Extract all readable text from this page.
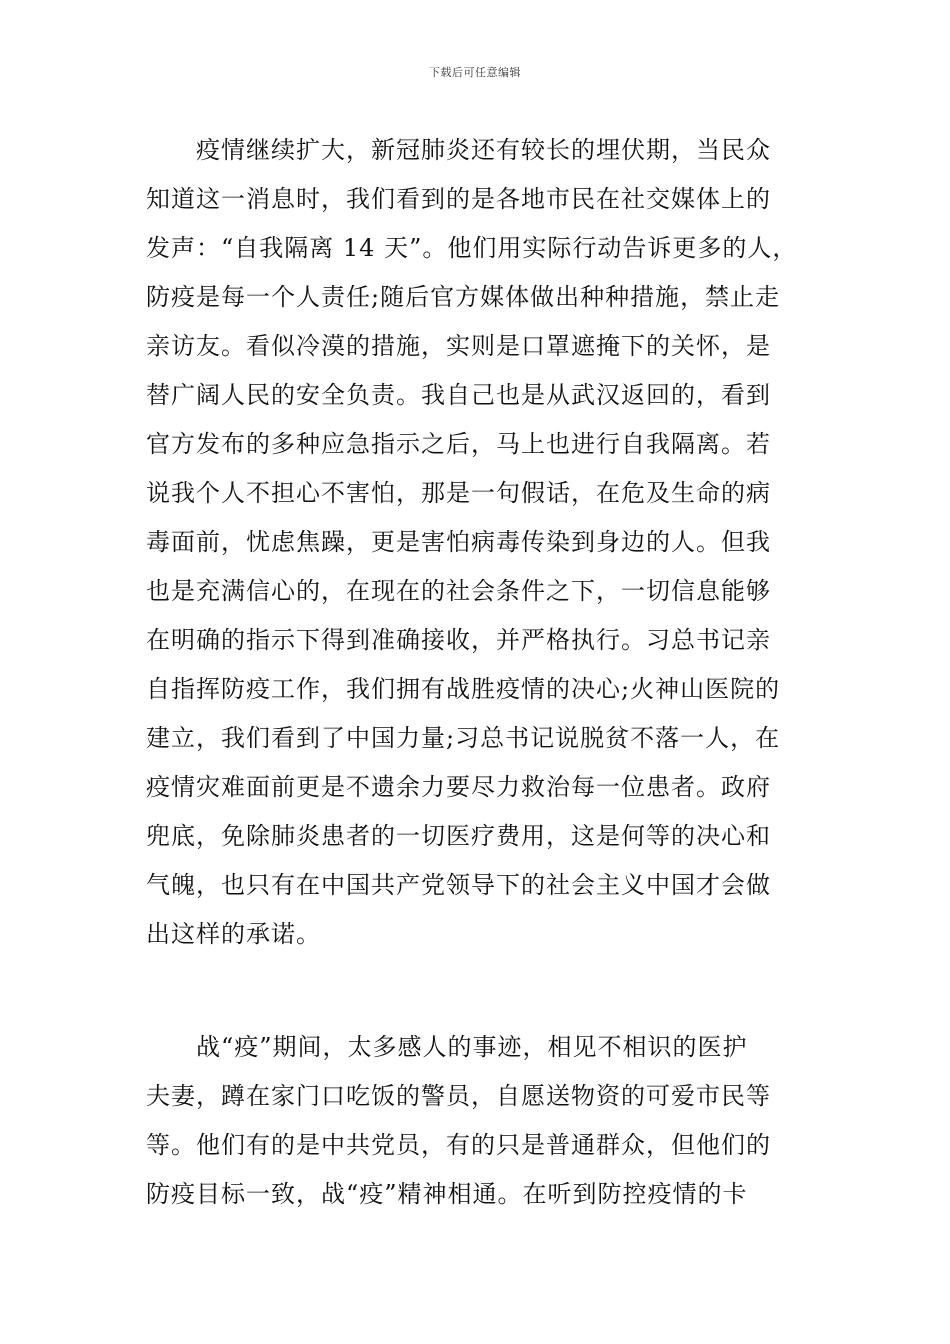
下载后可任意编辑
　　疫情继续扩大，新冠肺炎还有较长的埋伏期，当民众
知道这一消息时，我们看到的是各地市民在社交媒体上的
发声：“自我隔离 14 天”。他们用实际行动告诉更多的人，
防疫是每一个人责任;随后官方媒体做出种种措施，禁止走
亲访友。看似冷漠的措施，实则是口罩遮掩下的关怀，是
替广阔人民的安全负责。我自己也是从武汉返回的，看到
官方发布的多种应急指示之后，马上也进行自我隔离。若
说我个人不担心不害怕，那是一句假话，在危及生命的病
毒面前，忧虑焦躁，更是害怕病毒传染到身边的人。但我
也是充满信心的，在现在的社会条件之下，一切信息能够
在明确的指示下得到准确接收，并严格执行。习总书记亲
自指挥防疫工作，我们拥有战胜疫情的决心;火神山医院的
建立，我们看到了中国力量;习总书记说脱贫不落一人，在
疫情灾难面前更是不遗余力要尽力救治每一位患者。政府
兜底，免除肺炎患者的一切医疗费用，这是何等的决心和
气魄，也只有在中国共产党领导下的社会主义中国才会做
出这样的承诺。
　　战“疫”期间，太多感人的事迹，相见不相识的医护
夫妻，蹲在家门口吃饭的警员，自愿送物资的可爱市民等
等。他们有的是中共党员，有的只是普通群众，但他们的
防疫目标一致，战“疫”精神相通。在听到防控疫情的卡
